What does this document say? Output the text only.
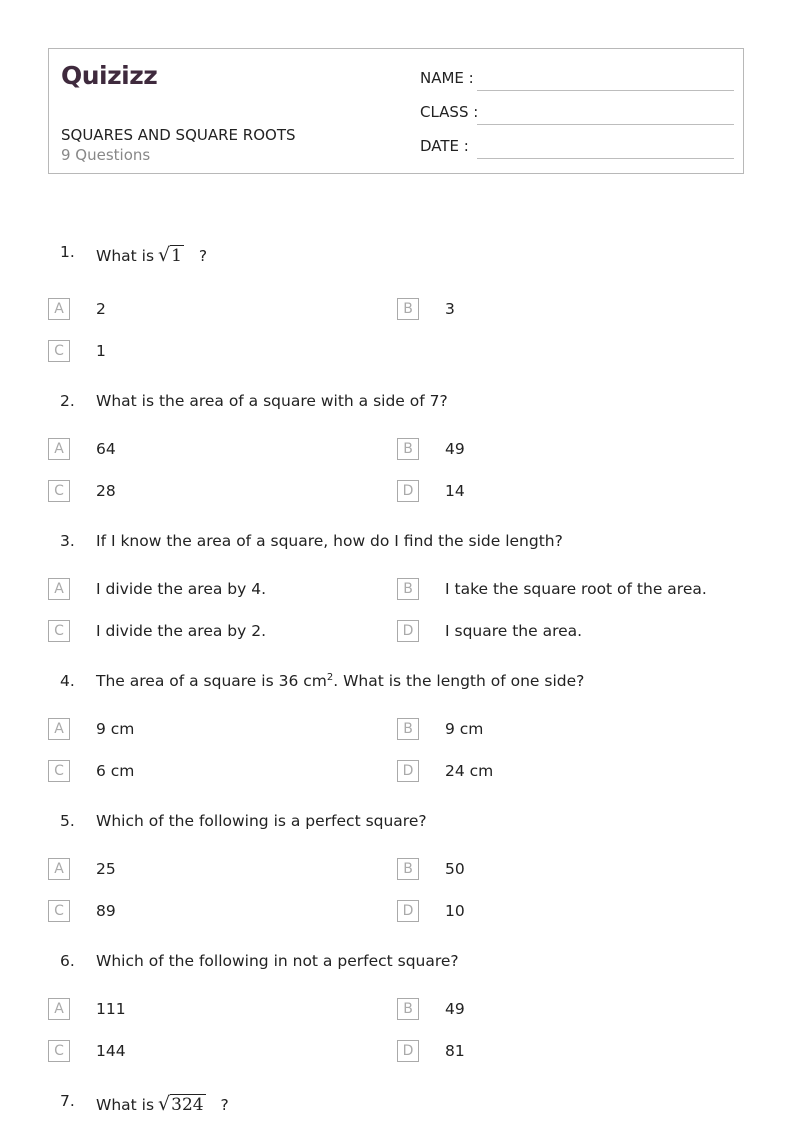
Quizizz
SQUARES AND SQUARE ROOTS
9 Questions
NAME :
CLASS :
DATE :
1. What is √1 ?
A	2	B	3
C	1
2. What is the area of a square with a side of 7?
A	64	B	49
C	28	D	14
3. If I know the area of a square, how do I find the side length?
A	I divide the area by 4.	B	I take the square root of the area.
C	I divide the area by 2.	D	I square the area.
4. The area of a square is 36 $cm^2$. What is the length of one side?
A	9 cm	B	9 cm
C	6 cm	D	24 cm
5. Which of the following is a perfect square?
A	25	B	50
C	89	D	10
6. Which of the following in not a perfect square?
A	111	B	49
C	144	D	81
7. What is √324 ?
